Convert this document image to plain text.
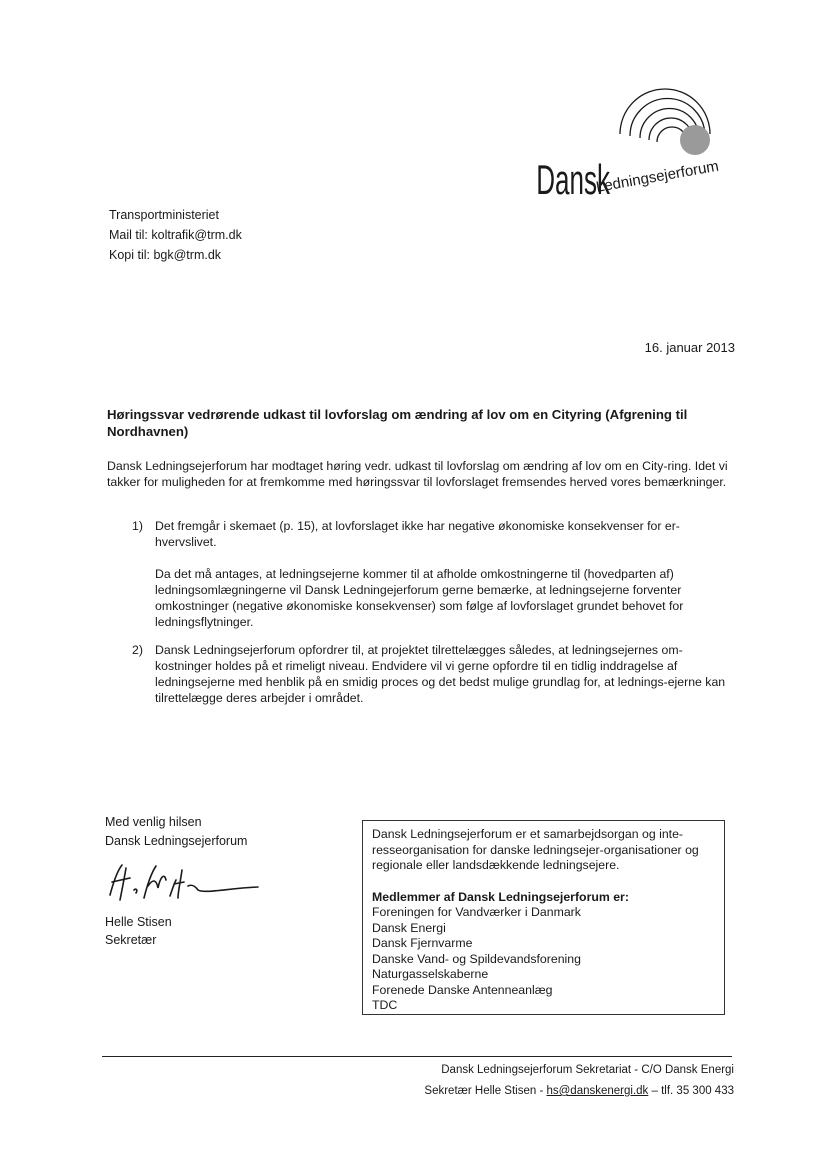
Dansk
Ledningsejerforum
Transportministeriet
Mail til: koltrafik@trm.dk
Kopi til: bgk@trm.dk
16. januar 2013
Høringssvar vedrørende udkast til lovforslag om ændring af lov om en Cityring (Afgrening til Nordhavnen)
Dansk Ledningsejerforum har modtaget høring vedr. udkast til lovforslag om ændring af lov om en City-ring. Idet vi takker for muligheden for at fremkomme med høringssvar til lovforslaget fremsendes herved vores bemærkninger.
1) Det fremgår i skemaet (p. 15), at lovforslaget ikke har negative økonomiske konsekvenser for er-hvervslivet.
Da det må antages, at ledningsejerne kommer til at afholde omkostningerne til (hovedparten af) ledningsomlægningerne vil Dansk Ledningejerforum gerne bemærke, at ledningsejerne forventer omkostninger (negative økonomiske konsekvenser) som følge af lovforslaget grundet behovet for ledningsflytninger.
2) Dansk Ledningsejerforum opfordrer til, at projektet tilrettelægges således, at ledningsejernes om-kostninger holdes på et rimeligt niveau. Endvidere vil vi gerne opfordre til en tidlig inddragelse af ledningsejerne med henblik på en smidig proces og det bedst mulige grundlag for, at lednings-ejerne kan tilrettelægge deres arbejder i området.
Med venlig hilsen
Dansk Ledningsejerforum
Helle Stisen
Sekretær
Dansk Ledningsejerforum er et samarbejdsorgan og inte-resseorganisation for danske ledningsejer-organisationer og regionale eller landsdækkende ledningsejere.
Medlemmer af Dansk Ledningsejerforum er:
Foreningen for Vandværker i Danmark
Dansk Energi
Dansk Fjernvarme
Danske Vand- og Spildevandsforening
Naturgasselskaberne
Forenede Danske Antenneanlæg
TDC
Dansk Ledningsejerforum Sekretariat - C/O Dansk Energi
Sekretær Helle Stisen - hs@danskenergi.dk – tlf. 35 300 433
